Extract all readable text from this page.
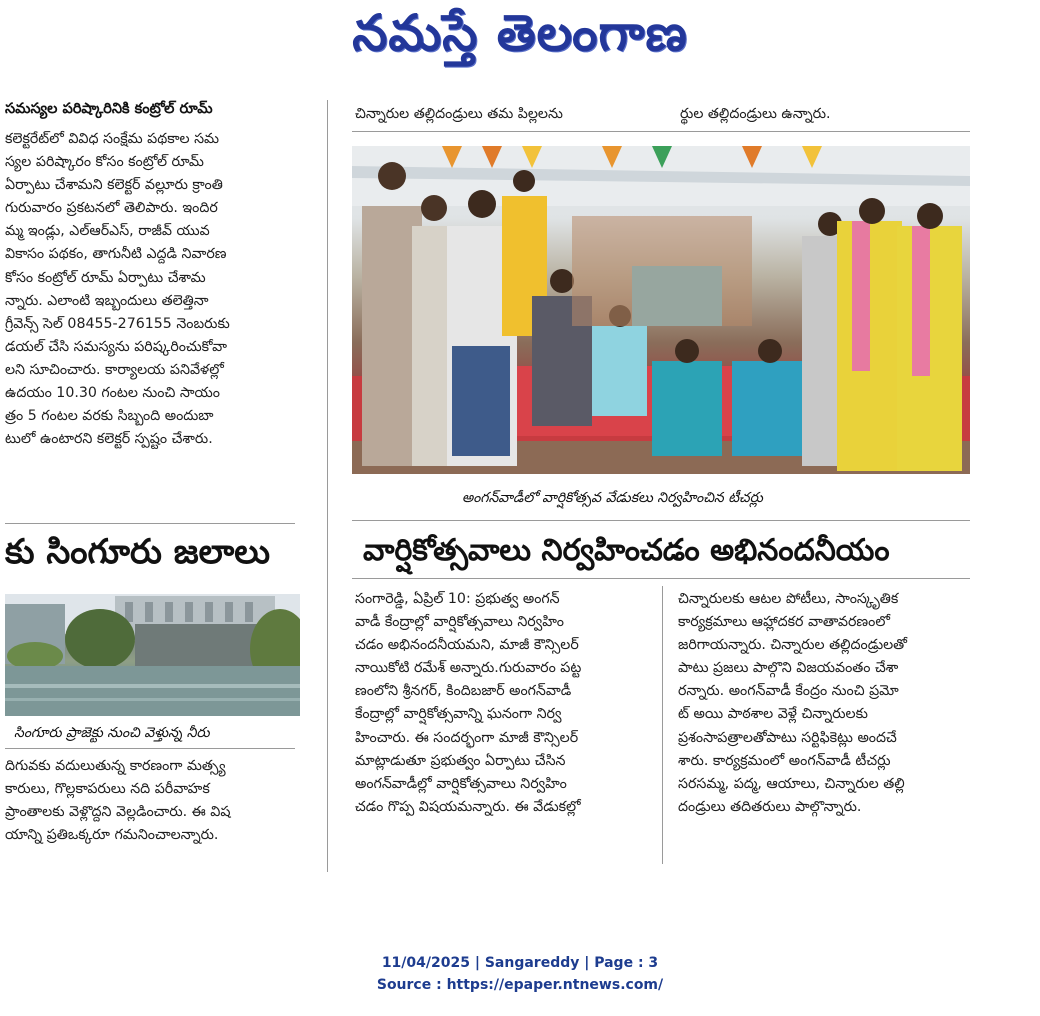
నమస్తే తెలంగాణ
సమస్యల పరిష్కారినికి కంట్రోల్ రూమ్

కలెక్టరేట్‌లో వివిధ సంక్షేమ పథకాల సమ

స్యల పరిష్కారం కోసం కంట్రోల్ రూమ్

ఏర్పాటు చేశామని కలెక్టర్ వల్లూరు క్రాంతి

గురువారం ప్రకటనలో తెలిపారు. ఇందిర

మ్మ ఇండ్లు, ఎల్‌ఆర్‌ఎస్, రాజీవ్ యువ

వికాసం పథకం, తాగునీటి ఎద్దడి నివారణ

కోసం కంట్రోల్ రూమ్ ఏర్పాటు చేశామ

న్నారు. ఎలాంటి ఇబ్బందులు తలెత్తినా

గ్రీవెన్స్ సెల్ 08455-276155 నెంబరుకు

డయల్ చేసి సమస్యను పరిష్కరించుకోవా

లని సూచించారు. కార్యాలయ పనివేళల్లో

ఉదయం 10.30 గంటల నుంచి సాయం

త్రం 5 గంటల వరకు సిబ్బంది అందుబా

టులో ఉంటారని కలెక్టర్ స్పష్టం చేశారు.

కు సింగూరు జలాలు
సింగూరు ప్రాజెక్టు నుంచి వెళ్తున్న నీరు

దిగువకు వదులుతున్న కారణంగా మత్స్య

కారులు, గొల్లకాపరులు నది పరీవాహక

ప్రాంతాలకు వెళ్లొద్దని వెల్లడించారు. ఈ విష

యాన్ని ప్రతిఒక్కరూ గమనించాలన్నారు.

చిన్నారుల తల్లిదండ్రులు తమ పిల్లలను	ర్థుల తల్లిదండ్రులు ఉన్నారు.
అంగన్‌వాడీలో వార్షికోత్సవ వేడుకలు నిర్వహించిన టీచర్లు
వార్షికోత్సవాలు నిర్వహించడం అభినందనీయం

సంగారెడ్డి, ఏప్రిల్ 10: ప్రభుత్వ అంగన్

వాడీ కేంద్రాల్లో వార్షికోత్సవాలు నిర్వహిం

చడం అభినందనీయమని, మాజీ కౌన్సిలర్

నాయికోటి రమేశ్ అన్నారు.గురువారం పట్ట

ణంలోని శ్రీనగర్, కిందిబజార్ అంగన్‌వాడీ

కేంద్రాల్లో వార్షికోత్సవాన్ని ఘనంగా నిర్వ

హించారు. ఈ సందర్భంగా మాజీ కౌన్సిలర్

మాట్లాడుతూ ప్రభుత్వం ఏర్పాటు చేసిన

అంగన్‌వాడీల్లో వార్షికోత్సవాలు నిర్వహిం

చడం గొప్ప విషయమన్నారు. ఈ వేడుకల్లో

చిన్నారులకు ఆటల పోటీలు, సాంస్కృతిక

కార్యక్రమాలు ఆహ్లాదకర వాతావరణంలో

జరిగాయన్నారు. చిన్నారుల తల్లిదండ్రులతో

పాటు ప్రజలు పాల్గొని విజయవంతం చేశా

రన్నారు. అంగన్‌వాడీ కేంద్రం నుంచి ప్రమో

ట్ అయి పాఠశాల వెళ్లే చిన్నారులకు

ప్రశంసాపత్రాలతోపాటు సర్టిఫికెట్లు అందచే

శారు. కార్యక్రమంలో అంగన్‌వాడీ టీచర్లు

సరసమ్మ, పద్మ, ఆయాలు, చిన్నారుల తల్లి

దండ్రులు తదితరులు పాల్గొన్నారు.

11/04/2025 | Sangareddy | Page : 3
Source : https://epaper.ntnews.com/
